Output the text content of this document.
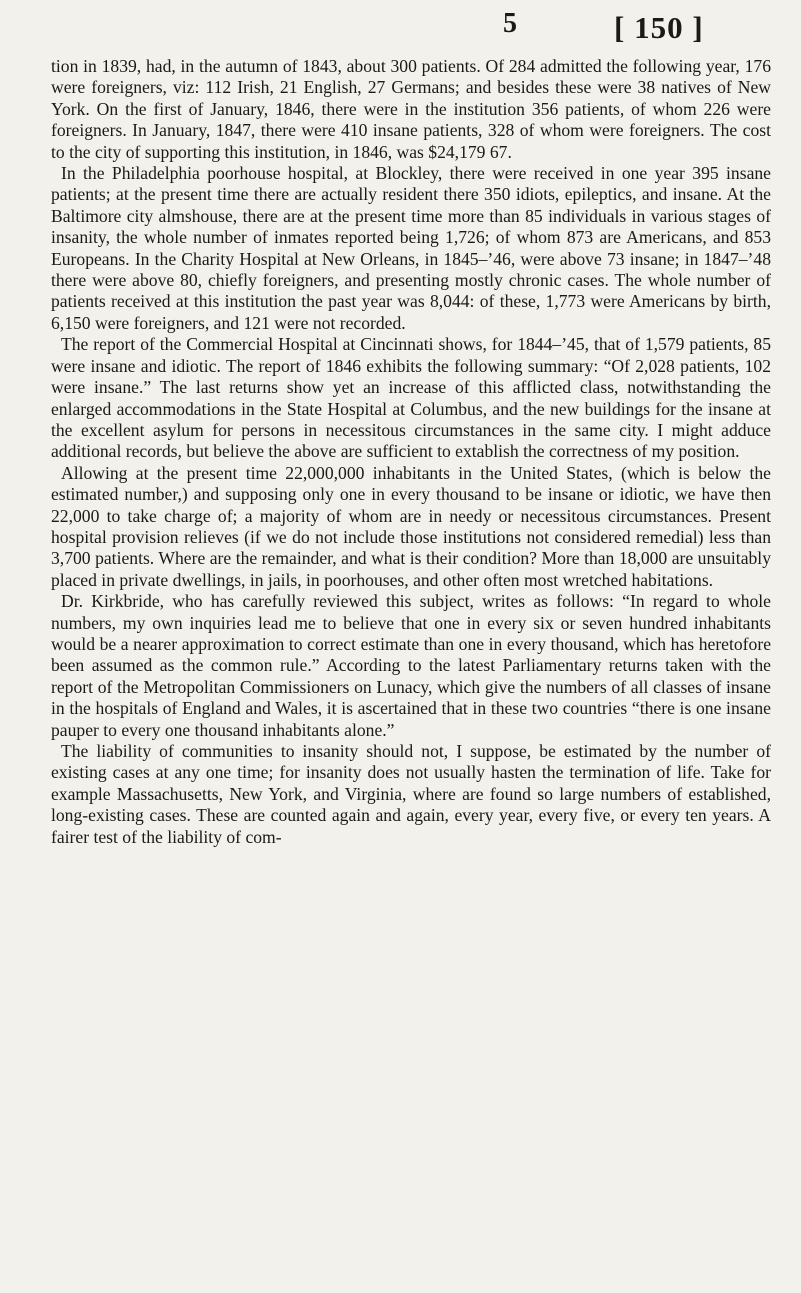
5	[ 150 ]

tion in 1839, had, in the autumn of 1843, about 300 patients. Of 284 admitted the following year, 176 were foreigners, viz: 112 Irish, 21 English, 27 Germans; and besides these were 38 natives of New York. On the first of January, 1846, there were in the institution 356 patients, of whom 226 were foreigners. In January, 1847, there were 410 insane patients, 328 of whom were foreigners. The cost to the city of supporting this institution, in 1846, was $24,179 67.

In the Philadelphia poorhouse hospital, at Blockley, there were received in one year 395 insane patients; at the present time there are actually resident there 350 idiots, epileptics, and insane. At the Baltimore city almshouse, there are at the present time more than 85 individuals in various stages of insanity, the whole number of inmates reported being 1,726; of whom 873 are Americans, and 853 Europeans. In the Charity Hospital at New Orleans, in 1845–’46, were above 73 insane; in 1847–’48 there were above 80, chiefly foreigners, and presenting mostly chronic cases. The whole number of patients received at this institution the past year was 8,044: of these, 1,773 were Americans by birth, 6,150 were foreigners, and 121 were not recorded.

The report of the Commercial Hospital at Cincinnati shows, for 1844–’45, that of 1,579 patients, 85 were insane and idiotic. The report of 1846 exhibits the following summary: “Of 2,028 patients, 102 were insane.” The last returns show yet an increase of this afflicted class, notwithstanding the enlarged accommodations in the State Hospital at Columbus, and the new buildings for the insane at the excellent asylum for persons in necessitous circumstances in the same city. I might adduce additional records, but believe the above are sufficient to extablish the correctness of my position.

Allowing at the present time 22,000,000 inhabitants in the United States, (which is below the estimated number,) and supposing only one in every thousand to be insane or idiotic, we have then 22,000 to take charge of; a majority of whom are in needy or necessitous circumstances. Present hospital provision relieves (if we do not include those institutions not considered remedial) less than 3,700 patients. Where are the remainder, and what is their condition? More than 18,000 are unsuitably placed in private dwellings, in jails, in poorhouses, and other often most wretched habitations.

Dr. Kirkbride, who has carefully reviewed this subject, writes as follows: “In regard to whole numbers, my own inquiries lead me to believe that one in every six or seven hundred inhabitants would be a nearer approximation to correct estimate than one in every thousand, which has heretofore been assumed as the common rule.” According to the latest Parliamentary returns taken with the report of the Metropolitan Commissioners on Lunacy, which give the numbers of all classes of insane in the hospitals of England and Wales, it is ascertained that in these two countries “there is one insane pauper to every one thousand inhabitants alone.”

The liability of communities to insanity should not, I suppose, be estimated by the number of existing cases at any one time; for insanity does not usually hasten the termination of life. Take for example Massachusetts, New York, and Virginia, where are found so large numbers of established, long-existing cases. These are counted again and again, every year, every five, or every ten years. A fairer test of the liability of com-
